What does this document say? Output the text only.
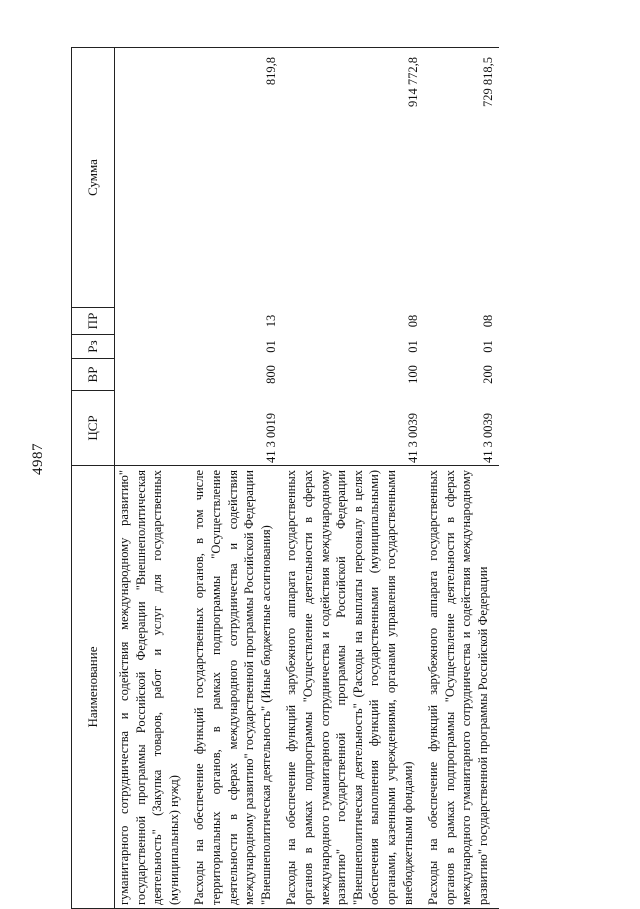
4987
Наименование	ЦСР	ВР	Рз	ПР	Сумма

гуманитарного сотрудничества и содействия международному развитию" государственной программы Российской Федерации "Внешнеполитическая деятельность" (Закупка товаров, работ и услуг для государственных (муниципальных) нужд)					

Расходы на обеспечение функций государственных органов, в том числе территориальных органов, в рамках подпрограммы "Осуществление деятельности в сферах международного сотрудничества и содействия международному развитию" государственной программы Российской Федерации "Внешнеполитическая деятельность" (Иные бюджетные ассигнования)	41 3 0019	800	01	13	819,8

Расходы на обеспечение функций зарубежного аппарата государственных органов в рамках подпрограммы "Осуществление деятельности в сферах международного гуманитарного сотрудничества и содействия международному развитию" государственной программы Российской Федерации "Внешнеполитическая деятельность" (Расходы на выплаты персоналу в целях обеспечения выполнения функций государственными (муниципальными) органами, казенными учреждениями, органами управления государственными внебюджетными фондами)	41 3 0039	100	01	08	914 772,8

Расходы на обеспечение функций зарубежного аппарата государственных органов в рамках подпрограммы "Осуществление деятельности в сферах международного гуманитарного сотрудничества и содействия международному развитию" государственной программы Российской Федерации	41 3 0039	200	01	08	729 818,5
